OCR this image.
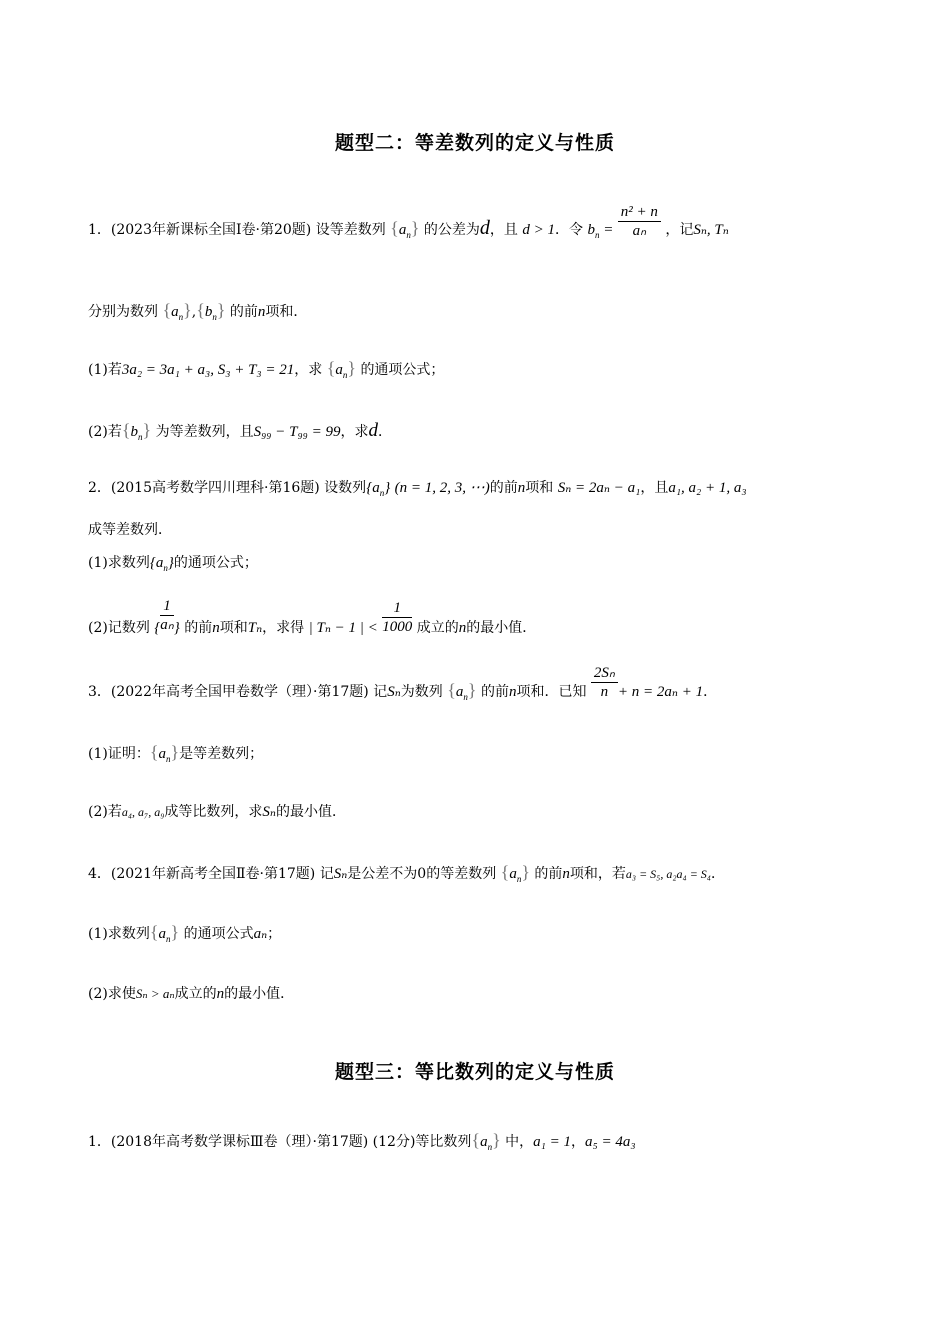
题型二：等差数列的定义与性质
1．(2023年新课标全国Ⅰ卷·第20题) 设等差数列 $\{a_n\}$ 的公差为d，且 d > 1．令 $b_n = \frac{\text{n² + n}}{\text{aₙ}}$ ，记Sₙ, Tₙ
分别为数列 $\{a_n\},\{b_n\}$ 的前n项和．
(1)若3a₂ = 3a₁ + a₃, S₃ + T₃ = 21，求 $\{a_n\}$ 的通项公式；
(2)若$\{b_n\}$ 为等差数列，且S₉₉ − T₉₉ = 99，求d．
2．(2015高考数学四川理科·第16题) 设数列$\{a_n\} (n = 1$, 2, 3, ⋯)的前n项和 Sₙ = 2aₙ − a₁，且a₁, a₂ + 1, a₃
成等差数列．
(1)求数列$\{a_n\}$的通项公式；
(2)记数列 { $\frac{1}{\text{aₙ}}$ } 的前n项和Tₙ，求得 | Tₙ − 1 | < $\frac{1}{1000}$ 成立的n的最小值．
3．(2022年高考全国甲卷数学（理）·第17题) 记Sₙ为数列 $\{a_n\}$ 的前n项和．已知 $\frac{\text{2Sₙ}}{n} + n = 2a_n + 1$．
(1)证明：$\{a_n\}$是等差数列；
(2)若a₄, a₇, a₉成等比数列，求Sₙ的最小值．
4．(2021年新高考全国Ⅱ卷·第17题) 记Sₙ是公差不为0的等差数列 $\{a_n\}$ 的前n项和，若a₃ = S₅, a₂a₄ = S₄．
(1)求数列$\{a_n\}$ 的通项公式aₙ；
(2)求使Sₙ > aₙ成立的n的最小值．
题型三：等比数列的定义与性质
1．(2018年高考数学课标Ⅲ卷（理）·第17题) (12分)等比数列$\{a_n\}$ 中，a₁ = 1，a₅ = 4a₃
